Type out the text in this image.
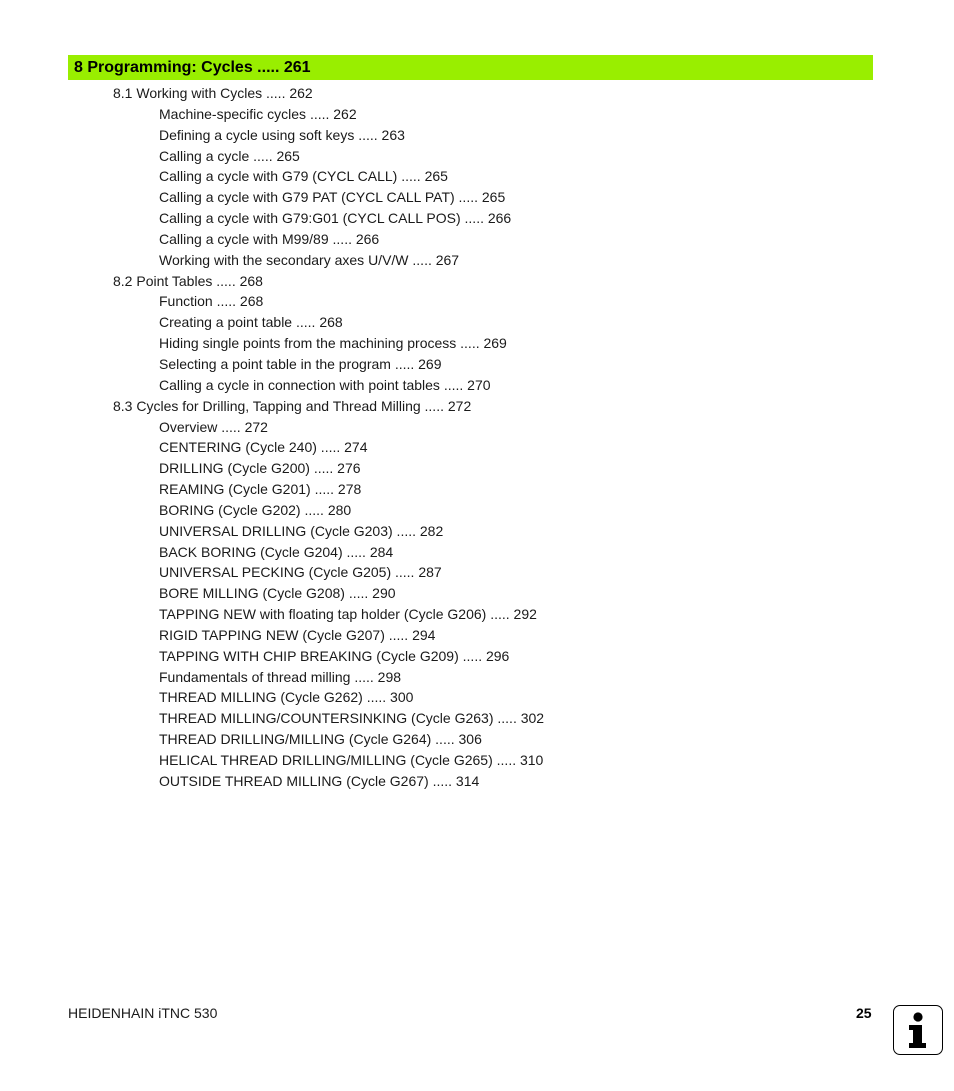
8 Programming: Cycles ..... 261
8.1 Working with Cycles ..... 262
Machine-specific cycles ..... 262
Defining a cycle using soft keys ..... 263
Calling a cycle ..... 265
Calling a cycle with G79 (CYCL CALL) ..... 265
Calling a cycle with G79 PAT (CYCL CALL PAT) ..... 265
Calling a cycle with G79:G01 (CYCL CALL POS) ..... 266
Calling a cycle with M99/89 ..... 266
Working with the secondary axes U/V/W ..... 267
8.2 Point Tables ..... 268
Function ..... 268
Creating a point table ..... 268
Hiding single points from the machining process ..... 269
Selecting a point table in the program ..... 269
Calling a cycle in connection with point tables ..... 270
8.3 Cycles for Drilling, Tapping and Thread Milling ..... 272
Overview ..... 272
CENTERING (Cycle 240) ..... 274
DRILLING (Cycle G200) ..... 276
REAMING (Cycle G201) ..... 278
BORING (Cycle G202) ..... 280
UNIVERSAL DRILLING (Cycle G203) ..... 282
BACK BORING (Cycle G204) ..... 284
UNIVERSAL PECKING (Cycle G205) ..... 287
BORE MILLING (Cycle G208) ..... 290
TAPPING NEW with floating tap holder (Cycle G206) ..... 292
RIGID TAPPING NEW (Cycle G207) ..... 294
TAPPING WITH CHIP BREAKING (Cycle G209) ..... 296
Fundamentals of thread milling ..... 298
THREAD MILLING (Cycle G262) ..... 300
THREAD MILLING/COUNTERSINKING (Cycle G263) ..... 302
THREAD DRILLING/MILLING (Cycle G264) ..... 306
HELICAL THREAD DRILLING/MILLING (Cycle G265) ..... 310
OUTSIDE THREAD MILLING (Cycle G267) ..... 314
HEIDENHAIN iTNC 530	25
